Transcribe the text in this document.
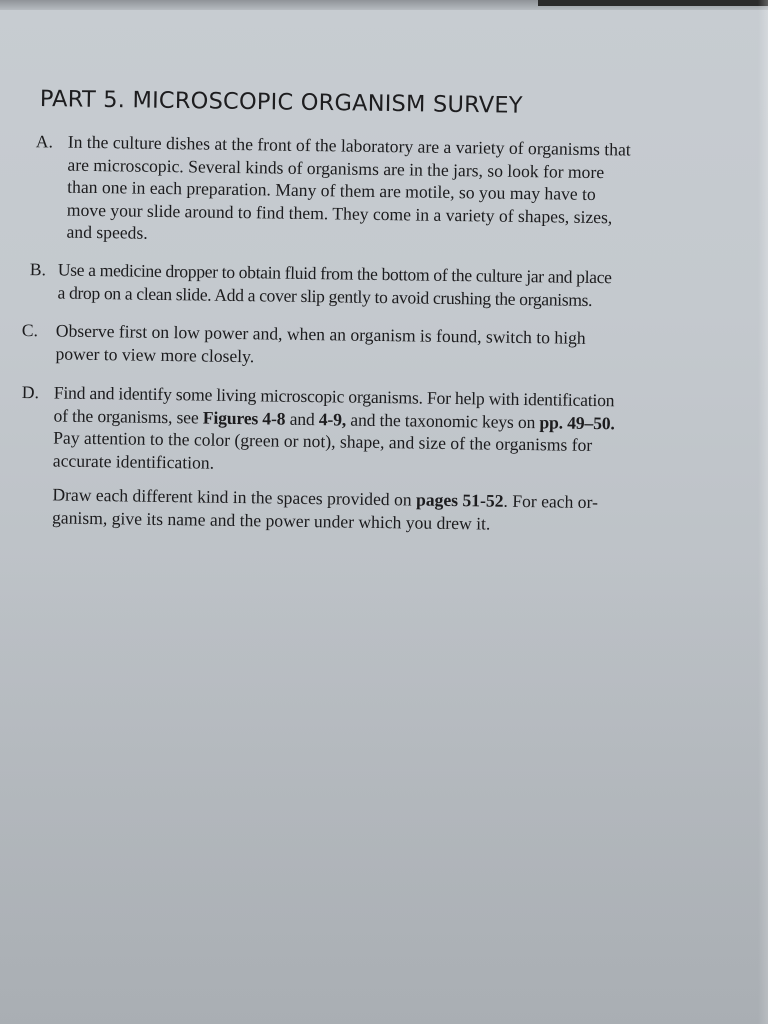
PART 5. MICROSCOPIC ORGANISM SURVEY
A. In the culture dishes at the front of the laboratory are a variety of organisms that
are microscopic. Several kinds of organisms are in the jars, so look for more
than one in each preparation. Many of them are motile, so you may have to
move your slide around to find them. They come in a variety of shapes, sizes,
and speeds.
B. Use a medicine dropper to obtain fluid from the bottom of the culture jar and place
a drop on a clean slide. Add a cover slip gently to avoid crushing the organisms.
C. Observe first on low power and, when an organism is found, switch to high
power to view more closely.
D. Find and identify some living microscopic organisms. For help with identification
of the organisms, see Figures 4-8 and 4-9, and the taxonomic keys on pp. 49–50.
Pay attention to the color (green or not), shape, and size of the organisms for
accurate identification.
Draw each different kind in the spaces provided on pages 51-52. For each or-
ganism, give its name and the power under which you drew it.
